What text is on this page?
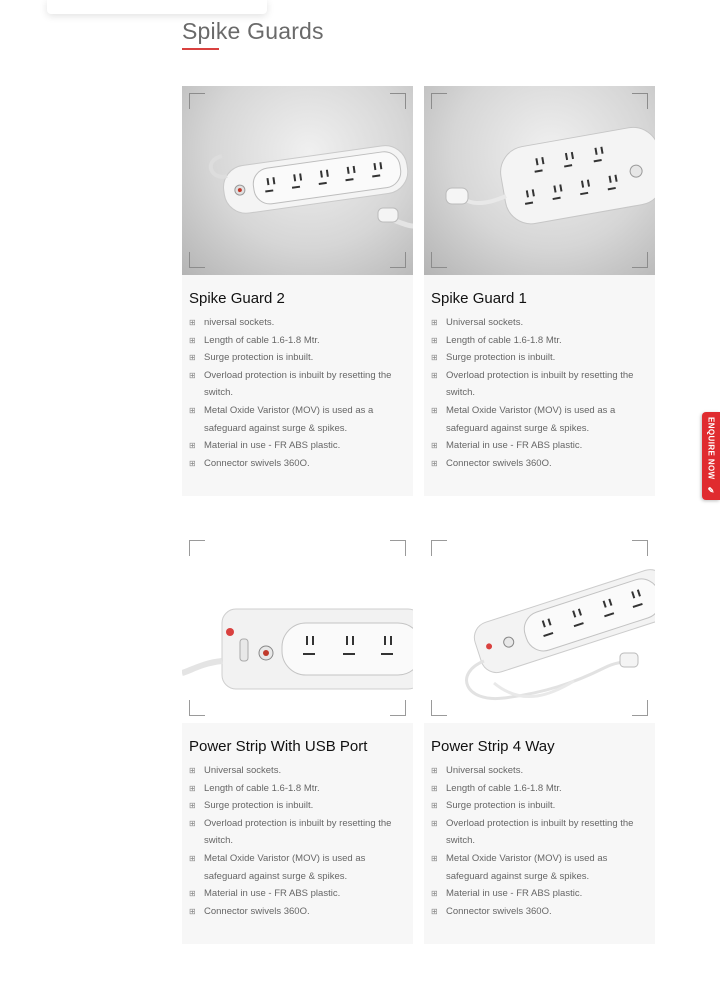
Spike Guards
Spike Guard 2
⊞ niversal sockets.
⊞ Length of cable 1.6-1.8 Mtr.
⊞ Surge protection is inbuilt.
⊞ Overload protection is inbuilt by resetting the switch.
⊞ Metal Oxide Varistor (MOV) is used as a safeguard against surge & spikes.
⊞ Material in use - FR ABS plastic.
⊞ Connector swivels 360O.
Spike Guard 1
⊞ Universal sockets.
⊞ Length of cable 1.6-1.8 Mtr.
⊞ Surge protection is inbuilt.
⊞ Overload protection is inbuilt by resetting the switch.
⊞ Metal Oxide Varistor (MOV) is used as a safeguard against surge & spikes.
⊞ Material in use - FR ABS plastic.
⊞ Connector swivels 360O.
Power Strip With USB Port
⊞ Universal sockets.
⊞ Length of cable 1.6-1.8 Mtr.
⊞ Surge protection is inbuilt.
⊞ Overload protection is inbuilt by resetting the switch.
⊞ Metal Oxide Varistor (MOV) is used as safeguard against surge & spikes.
⊞ Material in use - FR ABS plastic.
⊞ Connector swivels 360O.
Power Strip 4 Way
⊞ Universal sockets.
⊞ Length of cable 1.6-1.8 Mtr.
⊞ Surge protection is inbuilt.
⊞ Overload protection is inbuilt by resetting the switch.
⊞ Metal Oxide Varistor (MOV) is used as safeguard against surge & spikes.
⊞ Material in use - FR ABS plastic.
⊞ Connector swivels 360O.
ENQUIRE NOW ✎
